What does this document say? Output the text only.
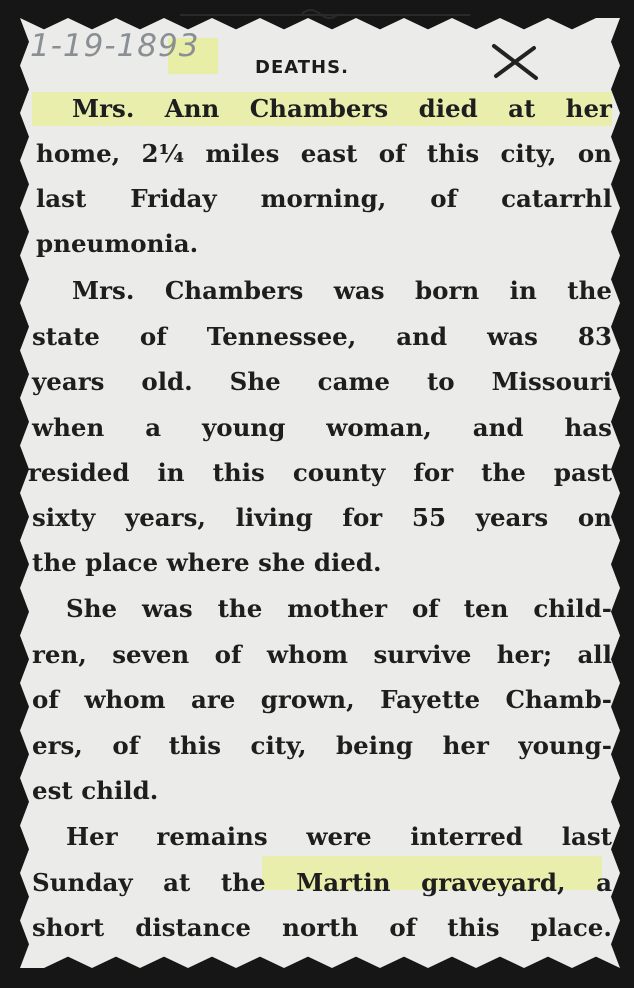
1-19-1893
DEATHS.
Mrs. Ann Chambers died at her
home, 2¼ miles east of this city, on
last Friday morning, of catarrhl
pneumonia.
Mrs. Chambers was born in the
state of Tennessee, and was 83
years old. She came to Missouri
when a young woman, and has
resided in this county for the past
sixty years, living for 55 years on
the place where she died.
She was the mother of ten child-
ren, seven of whom survive her; all
of whom are grown, Fayette Chamb-
ers, of this city, being her young-
est child.
Her remains were interred last
Sunday at the Martin graveyard, a
short distance north of this place.
